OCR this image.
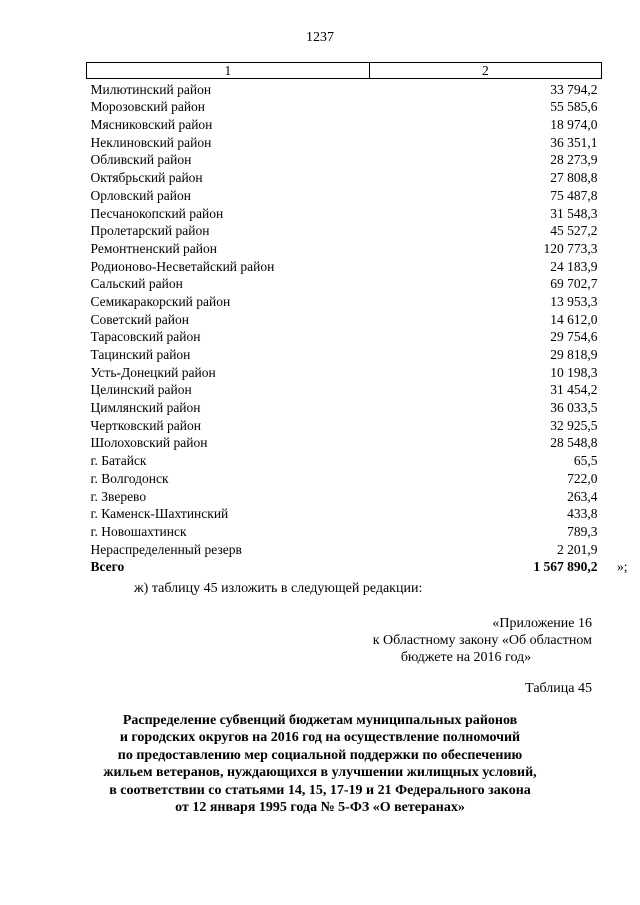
1237
1	2
Милютинский район	33 794,2
Морозовский район	55 585,6
Мясниковский район	18 974,0
Неклиновский район	36 351,1
Обливский район	28 273,9
Октябрьский район	27 808,8
Орловский район	75 487,8
Песчанокопский район	31 548,3
Пролетарский район	45 527,2
Ремонтненский район	120 773,3
Родионово-Несветайский район	24 183,9
Сальский район	69 702,7
Семикаракорский район	13 953,3
Советский район	14 612,0
Тарасовский район	29 754,6
Тацинский район	29 818,9
Усть-Донецкий район	10 198,3
Целинский район	31 454,2
Цимлянский район	36 033,5
Чертковский район	32 925,5
Шолоховский район	28 548,8
г. Батайск	65,5
г. Волгодонск	722,0
г. Зверево	263,4
г. Каменск-Шахтинский	433,8
г. Новошахтинск	789,3
Нераспределенный резерв	2 201,9
Всего	1 567 890,2 »;
ж) таблицу 45 изложить в следующей редакции:
«Приложение 16
к Областному закону «Об областном
бюджете на 2016 год»
Таблица 45
Распределение субвенций бюджетам муниципальных районов
и городских округов на 2016 год на осуществление полномочий
по предоставлению мер социальной поддержки по обеспечению
жильем ветеранов, нуждающихся в улучшении жилищных условий,
в соответствии со статьями 14, 15, 17-19 и 21 Федерального закона
от 12 января 1995 года № 5-ФЗ «О ветеранах»
